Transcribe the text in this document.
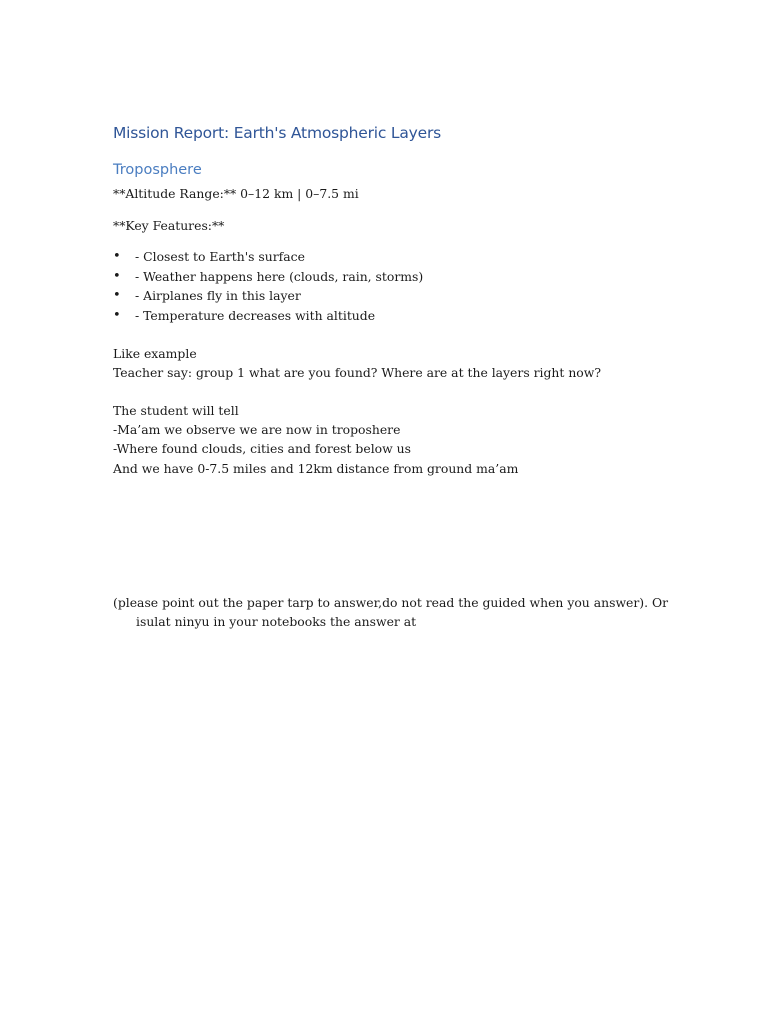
Mission Report: Earth's Atmospheric Layers
Troposphere

**Altitude Range:** 0–12 km | 0–7.5 mi

**Key Features:**

• - Closest to Earth's surface
• - Weather happens here (clouds, rain, storms)
• - Airplanes fly in this layer
• - Temperature decreases with altitude

Like example

Teacher say: group 1 what are you found? Where are at the layers right now?

The student will tell

-Ma’am we observe we are now in troposhere

-Where found clouds, cities and forest below us

And we have 0-7.5 miles and 12km distance from ground ma’am

(please point out the paper tarp to answer,do not read the guided when you answer). Or

isulat ninyu in your notebooks the answer at
